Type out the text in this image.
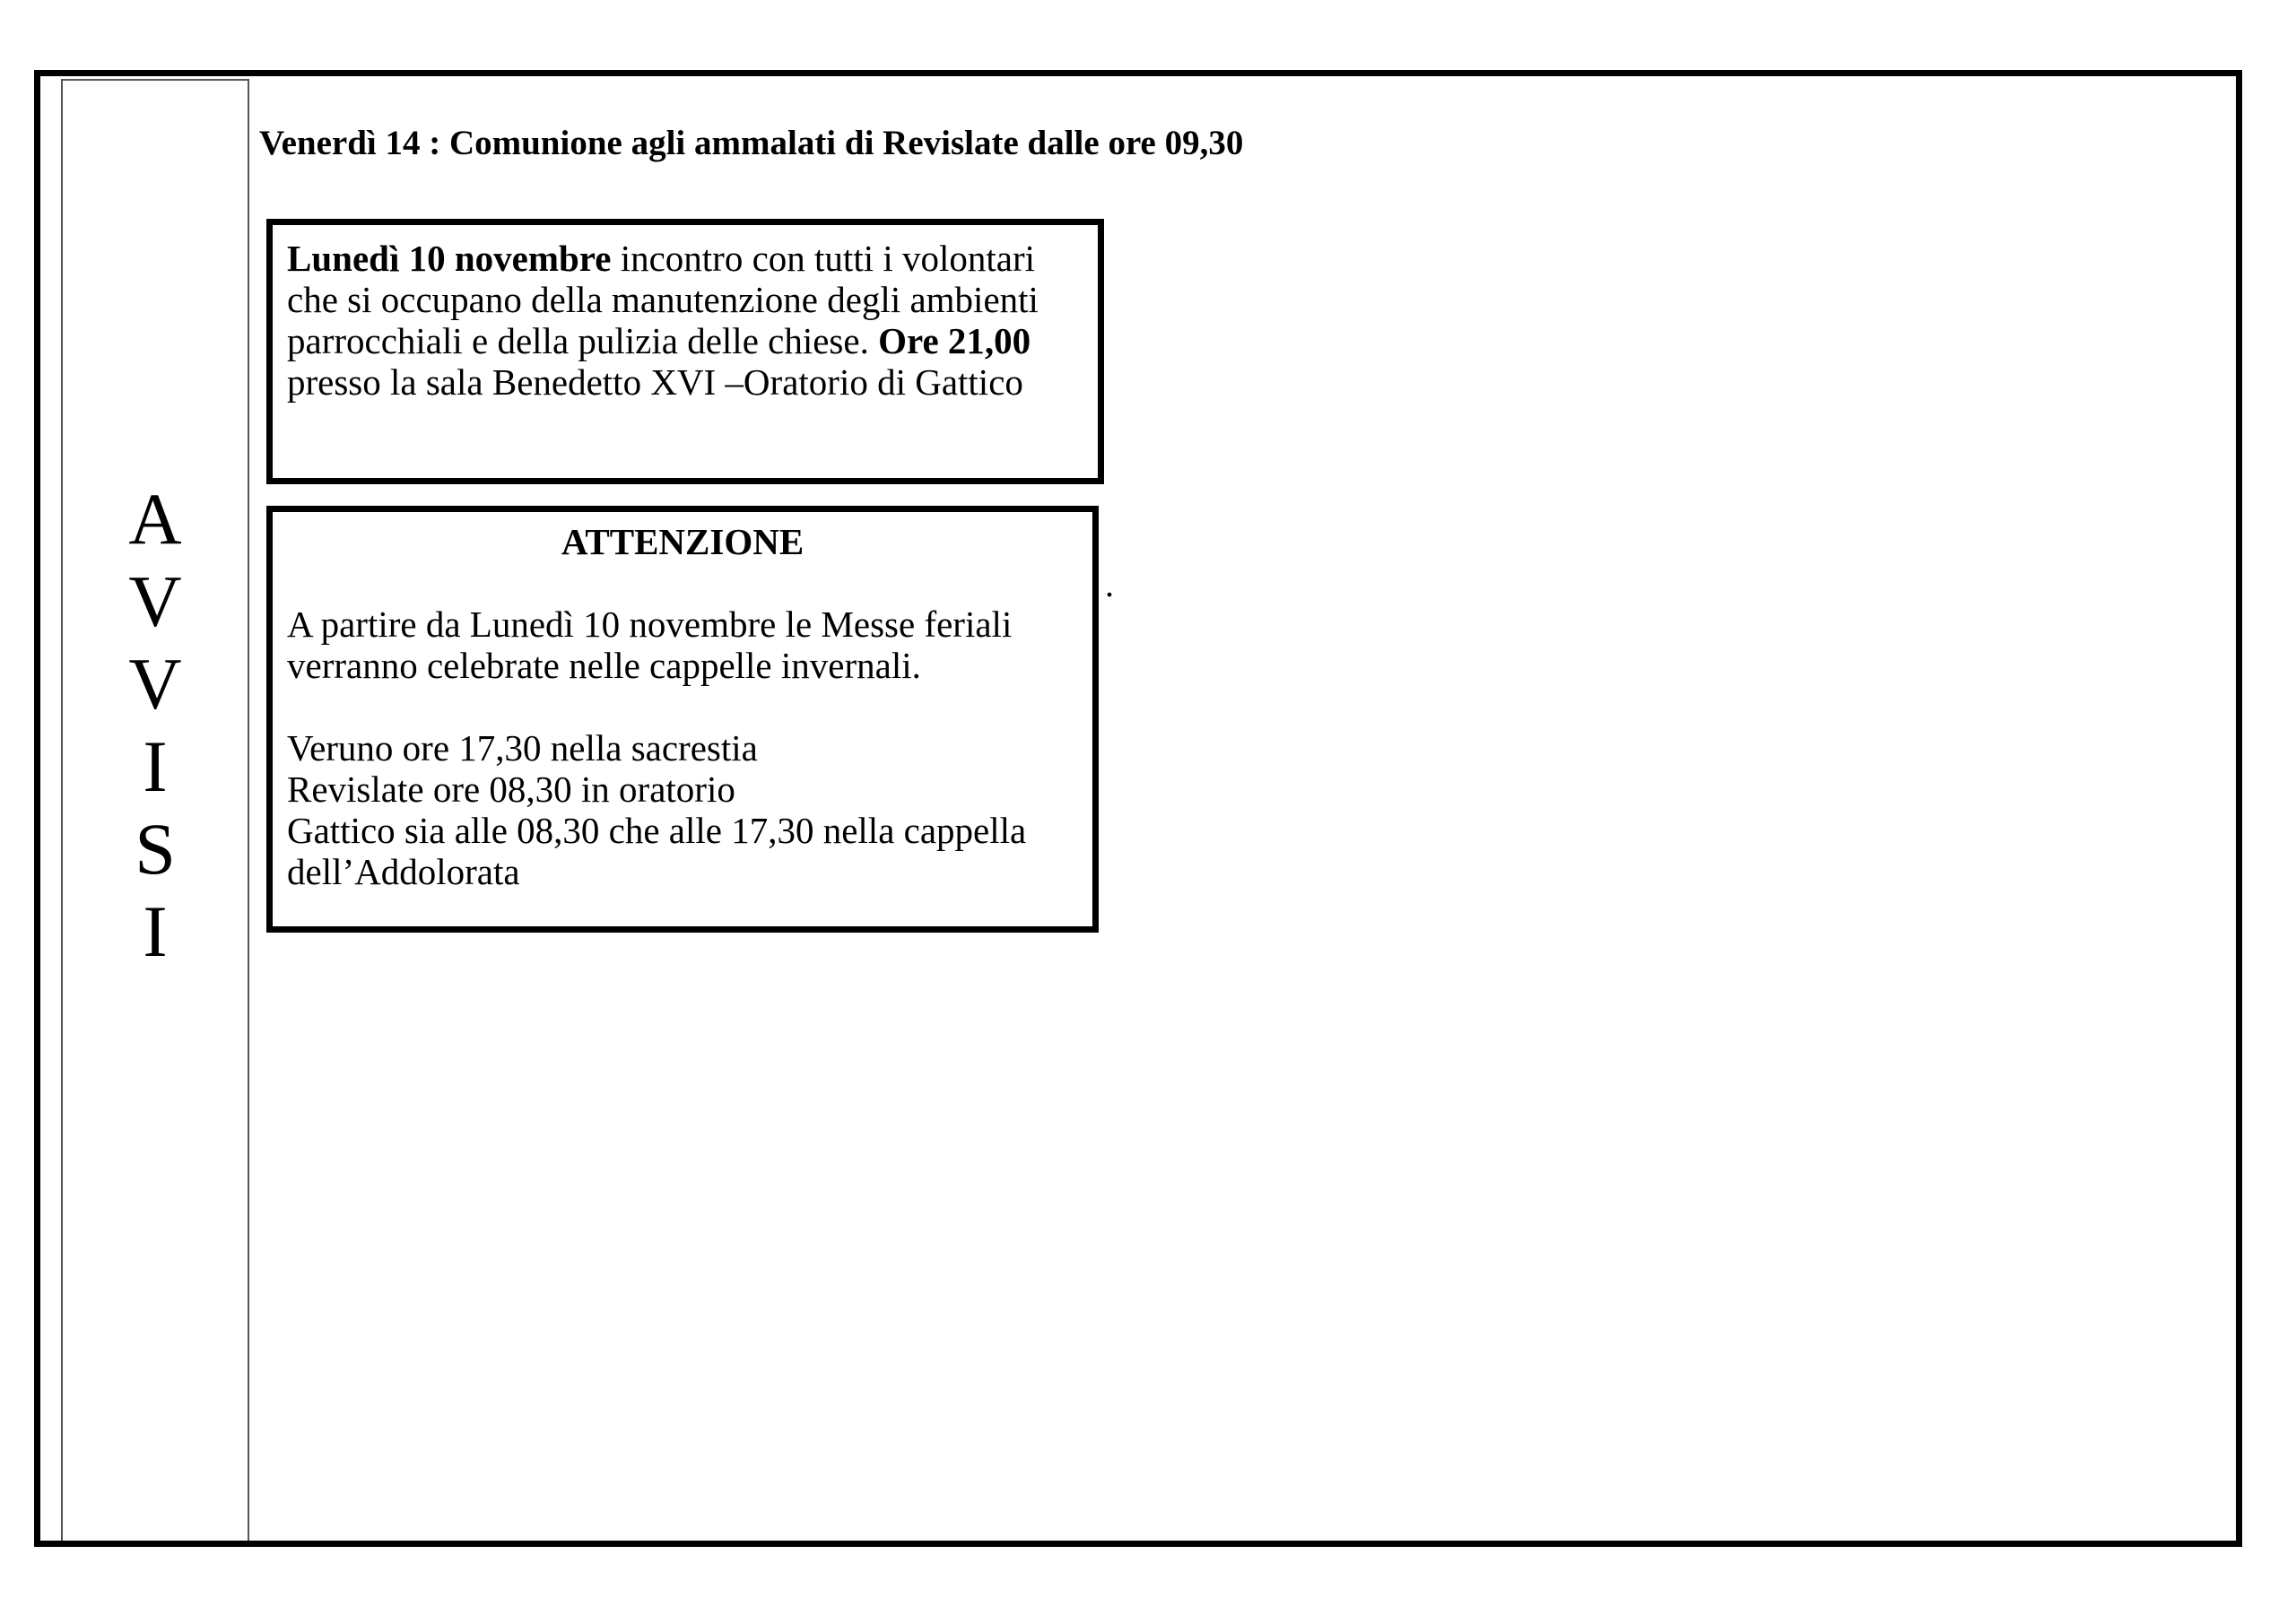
A
V
V
I
S
I
Venerdì 14 : Comunione agli ammalati di Revislate dalle ore 09,30
Lunedì 10 novembre incontro con tutti i volontari
che si occupano della manutenzione degli ambienti
parrocchiali e della pulizia delle chiese. Ore 21,00
presso la sala Benedetto XVI –Oratorio di Gattico
ATTENZIONE
A partire da Lunedì 10 novembre le Messe feriali
verranno celebrate nelle cappelle invernali.
Veruno ore 17,30 nella sacrestia
Revislate ore 08,30 in oratorio
Gattico sia alle 08,30 che alle 17,30 nella cappella
dell’Addolorata
.
